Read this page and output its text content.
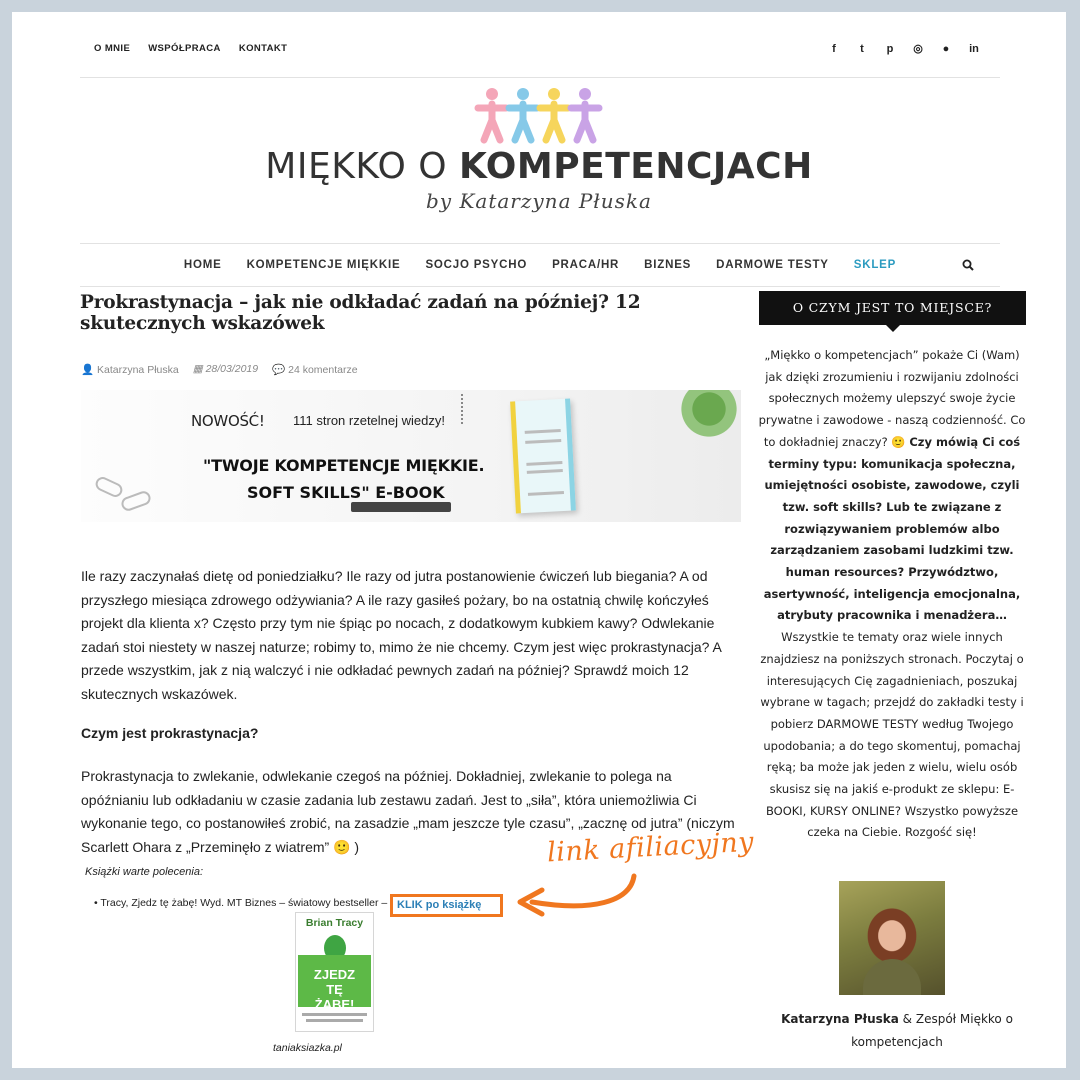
O MNIE WSPÓŁPRACA KONTAKT	f	t	p ◎ ● in
MIĘKKO O KOMPETENCJACH
by Katarzyna Płuska
HOME KOMPETENCJE MIĘKKIE SOCJO PSYCHO PRACA/HR BIZNES DARMOWE TESTY SKLEP
Prokrastynacja – jak nie odkładać zadań na później? 12 skutecznych wskazówek
👤 Katarzyna Płuska ▦ 28/03/2019 💬 24 komentarze
NOWOŚĆ! 111 stron rzetelnej wiedzy!
"TWOJE KOMPETENCJE MIĘKKIE.
SOFT SKILLS" E-BOOK

Ile razy zaczynałaś dietę od poniedziałku? Ile razy od jutra postanowienie ćwiczeń lub biegania? A od przyszłego miesiąca zdrowego odżywiania? A ile razy gasiłeś pożary, bo na ostatnią chwilę kończyłeś projekt dla klienta x? Często przy tym nie śpiąc po nocach, z dodatkowym kubkiem kawy? Odwlekanie zadań stoi niestety w naszej naturze; robimy to, mimo że nie chcemy. Czym jest więc prokrastynacja? A przede wszystkim, jak z nią walczyć i nie odkładać pewnych zadań na później? Sprawdź moich 12 skutecznych wskazówek.

Czym jest prokrastynacja?

Prokrastynacja to zwlekanie, odwlekanie czegoś na później. Dokładniej, zwlekanie to polega na opóźnianiu lub odkładaniu w czasie zadania lub zestawu zadań. Jest to „siła”, która uniemożliwia Ci wykonanie tego, co postanowiłeś zrobić, na zasadzie „mam jeszcze tyle czasu”, „zacznę od jutra” (niczym Scarlett Ohara z „Przeminęło z wiatrem” 🙂 )

Książki warte polecenia:
• Tracy, Zjedz tę żabę! Wyd. MT Biznes – światowy bestseller – KLIK po książkę
Brian Tracy
ZJEDZ
TĘ
ŻABĘ!
taniaksiazka.pl
link afiliacyjny
O CZYM JEST TO MIEJSCE?
„Miękko o kompetencjach” pokaże Ci (Wam) jak dzięki zrozumieniu i rozwijaniu zdolności społecznych możemy ulepszyć swoje życie prywatne i zawodowe - naszą codzienność. Co to dokładniej znaczy? 🙂 Czy mówią Ci coś terminy typu: komunikacja społeczna, umiejętności osobiste, zawodowe, czyli tzw. soft skills? Lub te związane z rozwiązywaniem problemów albo zarządzaniem zasobami ludzkimi tzw. human resources? Przywództwo, asertywność, inteligencja emocjonalna, atrybuty pracownika i menadżera… Wszystkie te tematy oraz wiele innych znajdziesz na poniższych stronach. Poczytaj o interesujących Cię zagadnieniach, poszukaj wybrane w tagach; przejdź do zakładki testy i pobierz DARMOWE TESTY według Twojego upodobania; a do tego skomentuj, pomachaj ręką; ba może jak jeden z wielu, wielu osób skusisz się na jakiś e-produkt ze sklepu: E-BOOKI, KURSY ONLINE? Wszystko powyższe czeka na Ciebie. Rozgość się!
Katarzyna Płuska & Zespół Miękko o kompetencjach
